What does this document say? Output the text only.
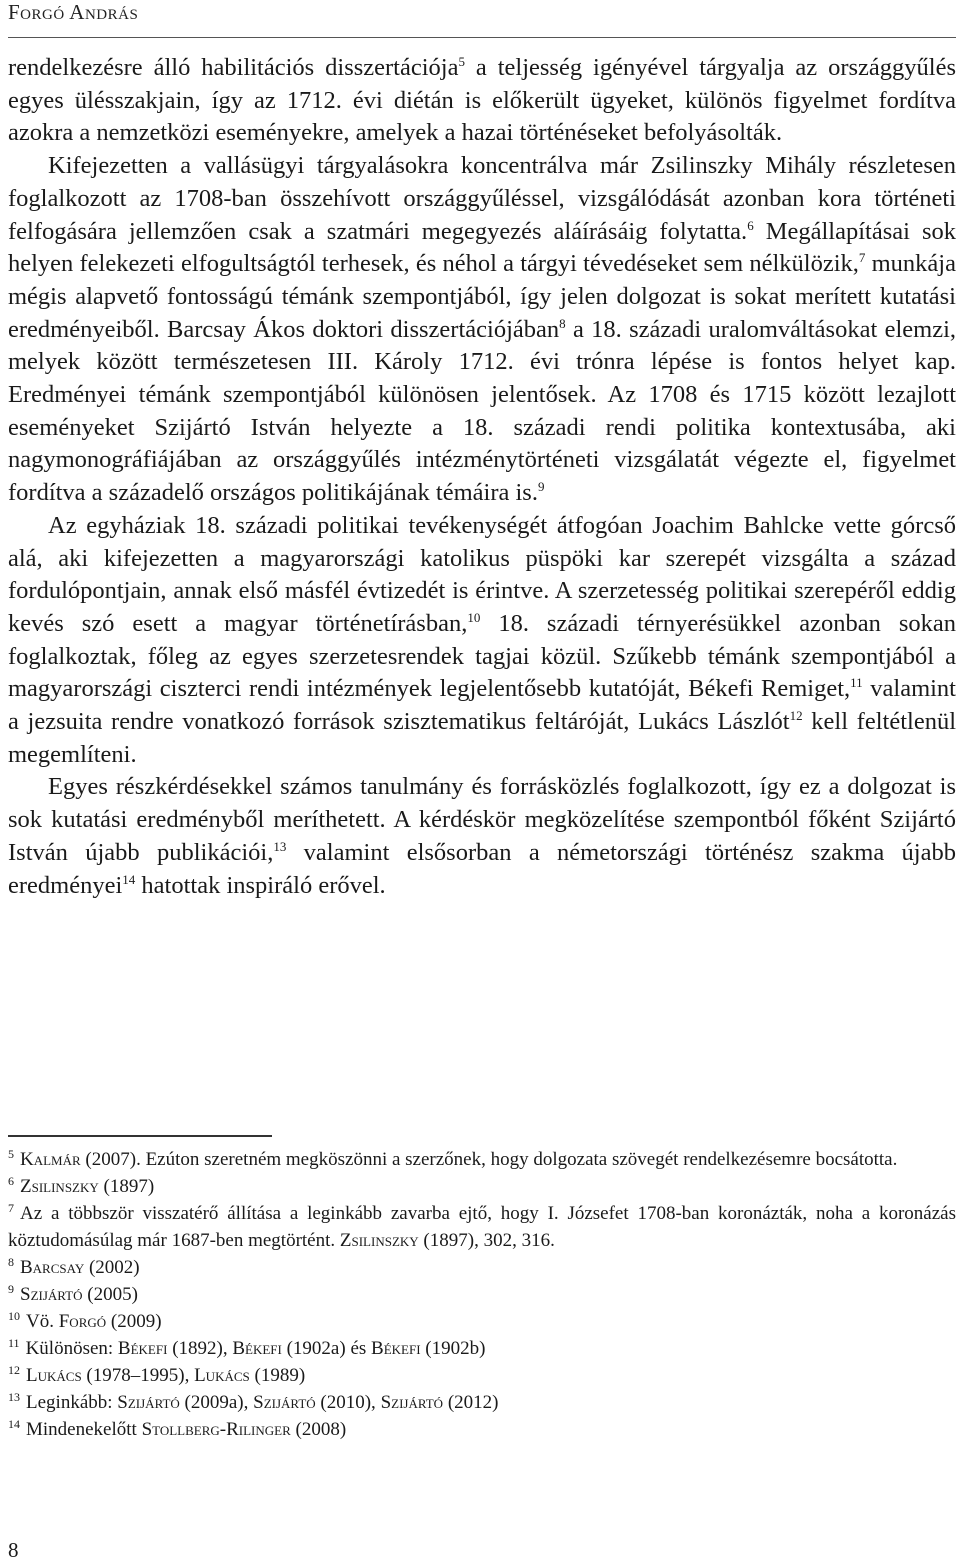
Forgó András

rendelkezésre álló habilitációs disszertációja$^5$ a teljesség igényével tárgyalja az országgyűlés egyes ülésszakjain, így az 1712. évi diétán is előkerült ügyeket, különös figyelmet fordítva azokra a nemzetközi eseményekre, amelyek a hazai történéseket befolyásolták.

Kifejezetten a vallásügyi tárgyalásokra koncentrálva már Zsilinszky Mihály részletesen foglalkozott az 1708-ban összehívott országgyűléssel, vizsgálódását azonban kora történeti felfogására jellemzően csak a szatmári megegyezés aláírásáig folytatta.$^6$ Megállapításai sok helyen felekezeti elfogultságtól terhesek, és néhol a tárgyi tévedéseket sem nélkülözik,$^7$ munkája mégis alapvető fontosságú témánk szempontjából, így jelen dolgozat is sokat merített kutatási eredményeiből. Barcsay Ákos doktori disszertációjában$^8$ a 18. századi uralomváltásokat elemzi, melyek között természetesen III. Károly 1712. évi trónra lépése is fontos helyet kap. Eredményei témánk szempontjából különösen jelentősek. Az 1708 és 1715 között lezajlott eseményeket Szijártó István helyezte a 18. századi rendi politika kontextusába, aki nagymonográfiájában az országgyűlés intézménytörténeti vizsgálatát végezte el, figyelmet fordítva a századelő országos politikájának témáira is.$^9$

Az egyháziak 18. századi politikai tevékenységét átfogóan Joachim Bahlcke vette górcső alá, aki kifejezetten a magyarországi katolikus püspöki kar szerepét vizsgálta a század fordulópontjain, annak első másfél évtizedét is érintve. A szerzetesség politikai szerepéről eddig kevés szó esett a magyar történetírásban,$^{10}$ 18. századi térnyerésükkel azonban sokan foglalkoztak, főleg az egyes szerzetesrendek tagjai közül. Szűkebb témánk szempontjából a magyarországi ciszterci rendi intézmények legjelentősebb kutatóját, Békefi Remiget,$^{11}$ valamint a jezsuita rendre vonatkozó források szisztematikus feltáróját, Lukács Lászlót$^{12}$ kell feltétlenül megemlíteni.

Egyes részkérdésekkel számos tanulmány és forrásközlés foglalkozott, így ez a dolgozat is sok kutatási eredményből meríthetett. A kérdéskör megközelítése szempontból főként Szijártó István újabb publikációi,$^{13}$ valamint elsősorban a németországi történész szakma újabb eredményei$^{14}$ hatottak inspiráló erővel.

$^5$ Kalmár (2007). Ezúton szeretném megköszönni a szerzőnek, hogy dolgozata szövegét rendelkezésemre bocsátotta.

$^6$ Zsilinszky (1897)

$^7$ Az a többször visszatérő állítása a leginkább zavarba ejtő, hogy I. Józsefet 1708-ban koronázták, noha a koronázás köztudomásúlag már 1687-ben megtörtént. Zsilinszky (1897), 302, 316.

$^8$ Barcsay (2002)

$^9$ Szijártó (2005)

$^{10}$ Vö. Forgó (2009)

$^{11}$ Különösen: Békefi (1892), Békefi (1902a) és Békefi (1902b)

$^{12}$ Lukács (1978–1995), Lukács (1989)

$^{13}$ Leginkább: Szijártó (2009a), Szijártó (2010), Szijártó (2012)

$^{14}$ Mindenekelőtt Stollberg-Rilinger (2008)

8
